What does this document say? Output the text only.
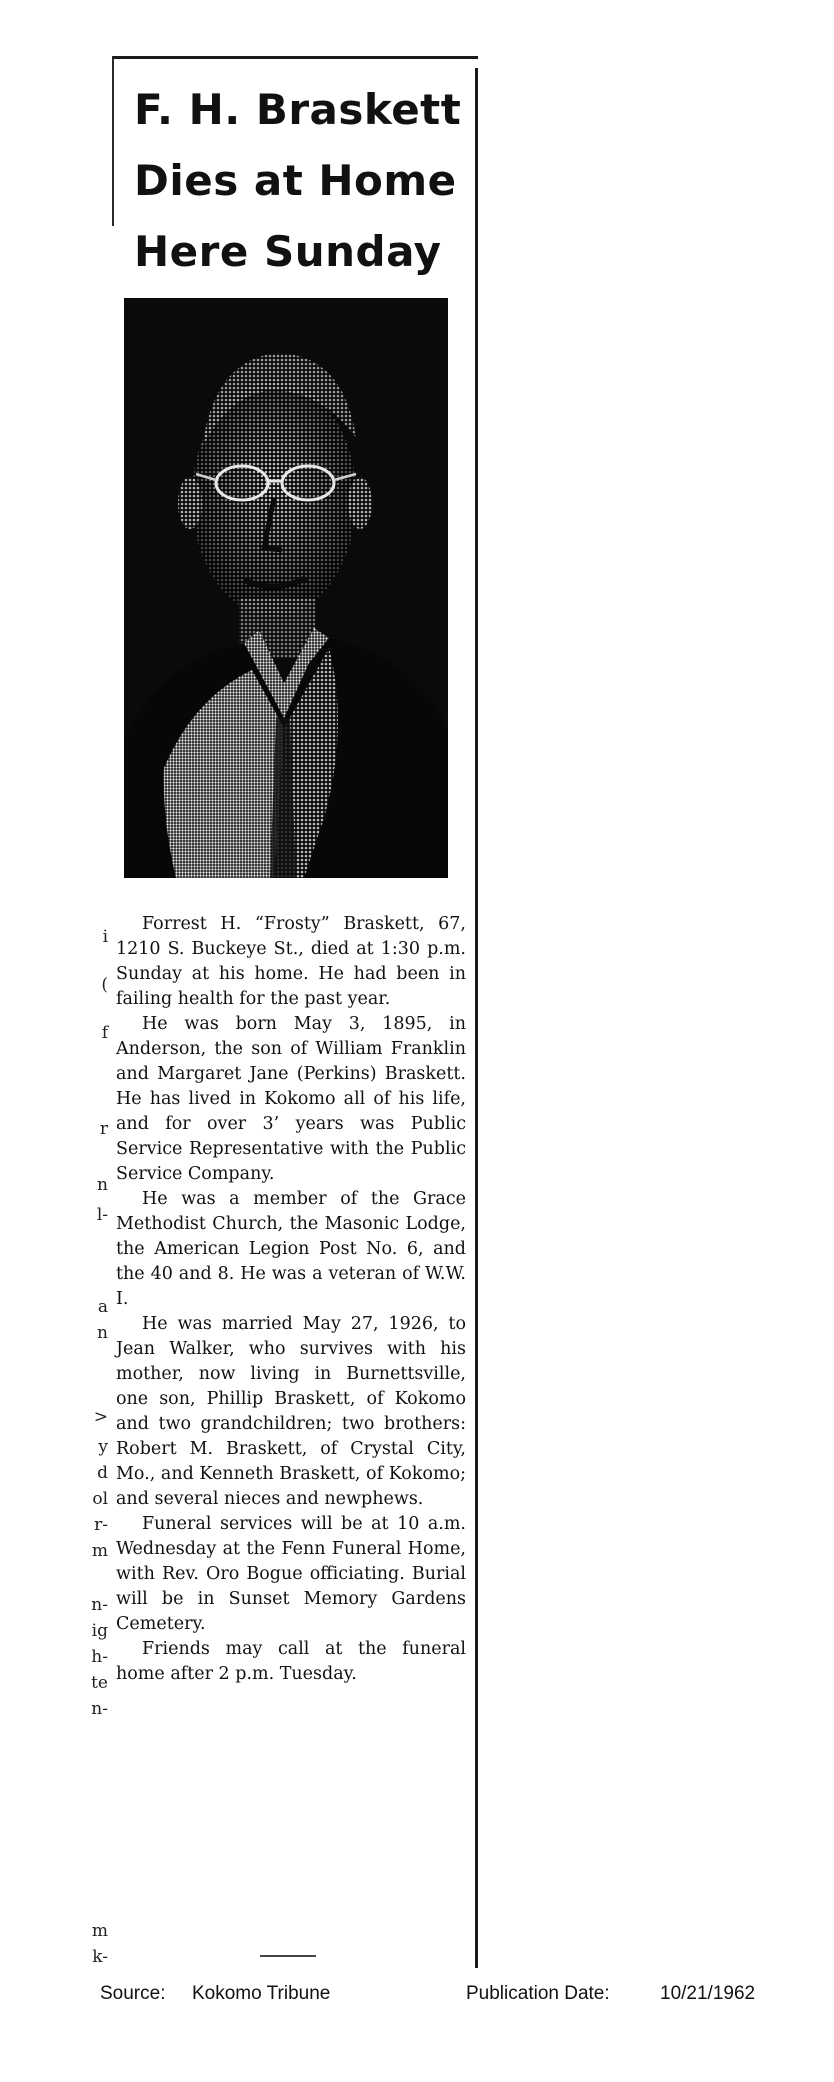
F. H. Braskett
Dies at Home
Here Sunday

Forrest H. “Frosty” Braskett, 67, 1210 S. Buckeye St., died at 1:30 p.m. Sunday at his home. He had been in failing health for the past year.

He was born May 3, 1895, in Anderson, the son of William Franklin and Margaret Jane (Perkins) Braskett. He has lived in Kokomo all of his life, and for over 3’ years was Public Service Representative with the Public Service Company.

He was a member of the Grace Methodist Church, the Masonic Lodge, the American Legion Post No. 6, and the 40 and 8. He was a veteran of W.W. I.

He was married May 27, 1926, to Jean Walker, who survives with his mother, now living in Burnettsville, one son, Phillip Braskett, of Kokomo and two grandchildren; two brothers: Robert M. Braskett, of Crystal City, Mo., and Kenneth Braskett, of Kokomo; and several nieces and newphews.

Funeral services will be at 10 a.m. Wednesday at the Fenn Funeral Home, with Rev. Oro Bogue officiating. Burial will be in Sunset Memory Gardens Cemetery.

Friends may call at the funeral home after 2 p.m. Tuesday.

i
(
f
r
n
l-
a
n
>
y
d
ol
r-
m
n-
ig
h-
te
n-
m
k-
Source: Kokomo Tribune	Publication Date:	10/21/1962
